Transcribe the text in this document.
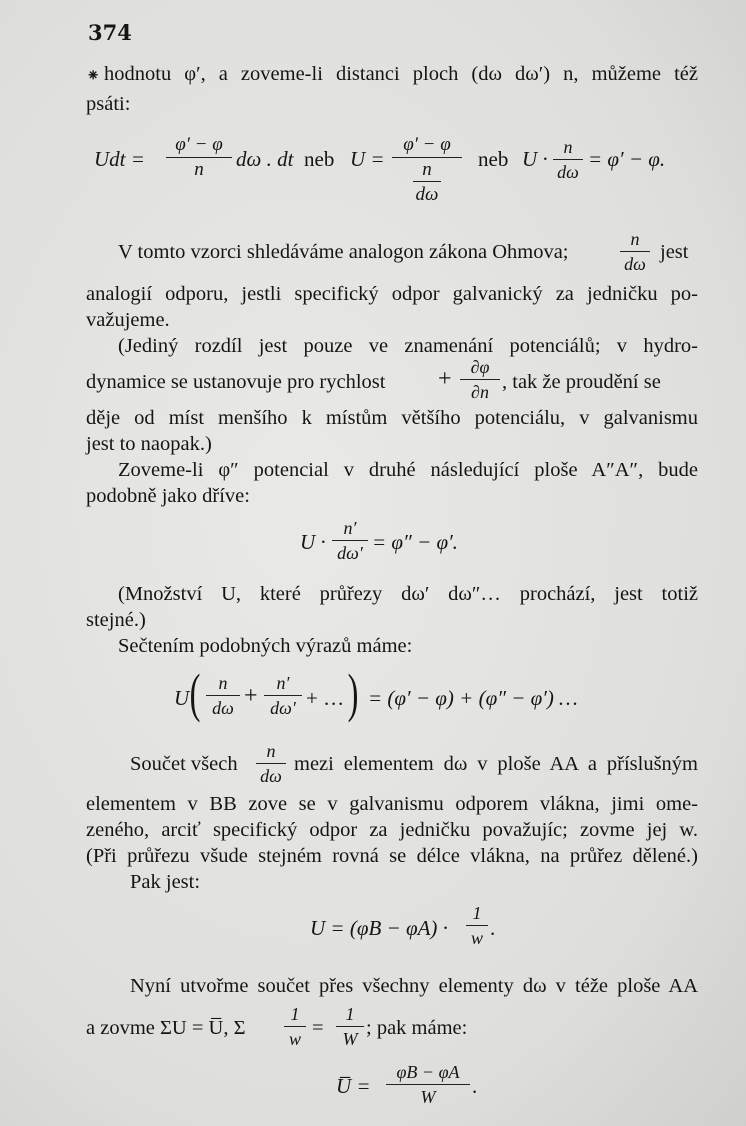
374
⁕ hodnotu φ′, a zoveme-li distanci ploch (dω dω′) n, můžeme též
psáti:
Udt =
φ′ − φ
n	dω . dt neb U =
φ′ − φ
n
dω
neb U · n
dω
= φ′ − φ.
V tomto vzorci shledáváme analogon zákona Ohmova;
n
dω
jest
analogií odporu, jestli specifický odpor galvanický za jedničku po-
važujeme.
(Jediný rozdíl jest pouze ve znamenání potenciálů; v hydro-
dynamice se ustanovuje pro rychlost +	∂φ
∂n , tak že proudění se
děje od míst menšího k místům většího potenciálu, v galvanismu
jest to naopak.)
Zoveme-li φ″ potencial v druhé následující ploše A″A″, bude
podobně jako dříve:
U ·
n′
dω′ = φ″ − φ′.
(Množství U, které průřezy dω′ dω″… prochází, jest totiž
stejné.)
Sečtením podobných výrazů máme:
U (	n
dω +	n′
dω′ + … ) = (φ′ − φ) + (φ″ − φ′) …
Součet všech
n
dω
mezi elementem dω v ploše AA a příslušným
elementem v BB zove se v galvanismu odporem vlákna, jimi ome-
zeného, arciť specifický odpor za jedničku považujíc; zovme jej w.
(Při průřezu všude stejném rovná se délce vlákna, na průřez dělené.)
Pak jest:
U = (φB − φA) ·
1
w .
Nyní utvořme součet přes všechny elementy dω v téže ploše AA
a zovme ΣU = U̅, Σ
1
w =
1
W ; pak máme:
U̅ =
φB − φA
W	.
